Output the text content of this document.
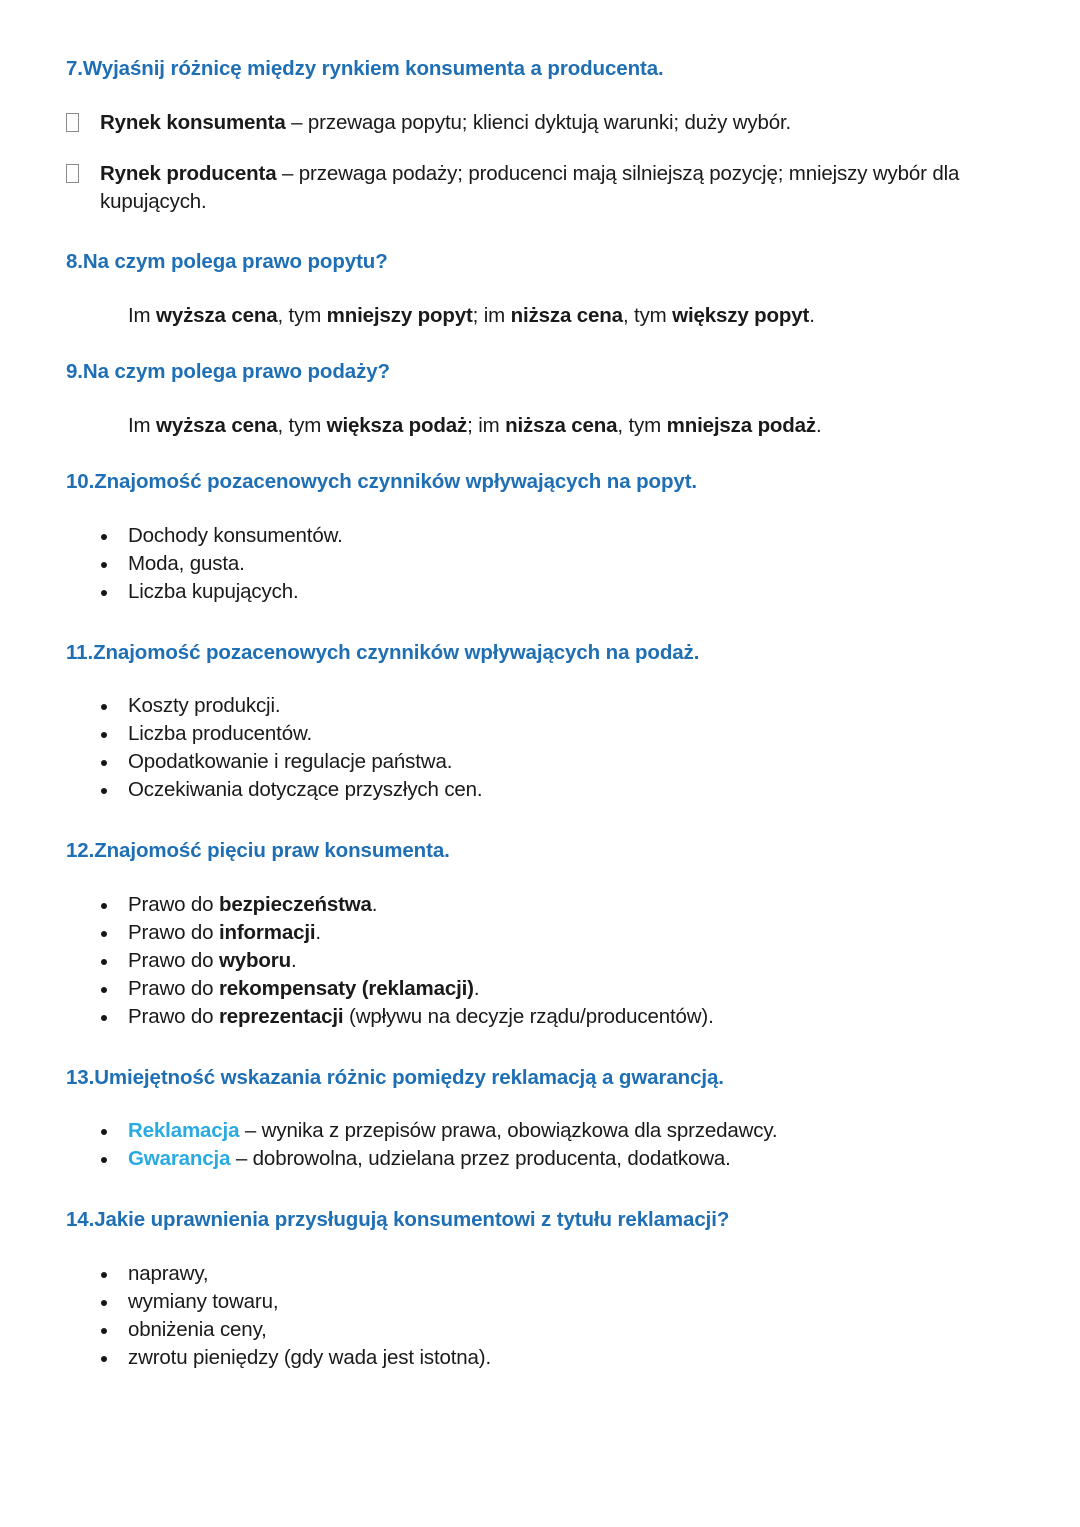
7.Wyjaśnij różnicę między rynkiem konsumenta a producenta.

Rynek konsumenta – przewaga popytu; klienci dyktują warunki; duży wybór.

Rynek producenta – przewaga podaży; producenci mają silniejszą pozycję; mniejszy wybór dla kupujących.

8.Na czym polega prawo popytu?

Im wyższa cena, tym mniejszy popyt; im niższa cena, tym większy popyt.

9.Na czym polega prawo podaży?

Im wyższa cena, tym większa podaż; im niższa cena, tym mniejsza podaż.

10.Znajomość pozacenowych czynników wpływających na popyt.

Dochody konsumentów.
Moda, gusta.
Liczba kupujących.

11.Znajomość pozacenowych czynników wpływających na podaż.

Koszty produkcji.
Liczba producentów.
Opodatkowanie i regulacje państwa.
Oczekiwania dotyczące przyszłych cen.

12.Znajomość pięciu praw konsumenta.

Prawo do bezpieczeństwa.
Prawo do informacji.
Prawo do wyboru.
Prawo do rekompensaty (reklamacji).
Prawo do reprezentacji (wpływu na decyzje rządu/producentów).

13.Umiejętność wskazania różnic pomiędzy reklamacją a gwarancją.

Reklamacja – wynika z przepisów prawa, obowiązkowa dla sprzedawcy.
Gwarancja – dobrowolna, udzielana przez producenta, dodatkowa.

14.Jakie uprawnienia przysługują konsumentowi z tytułu reklamacji?

naprawy,
wymiany towaru,
obniżenia ceny,
zwrotu pieniędzy (gdy wada jest istotna).
